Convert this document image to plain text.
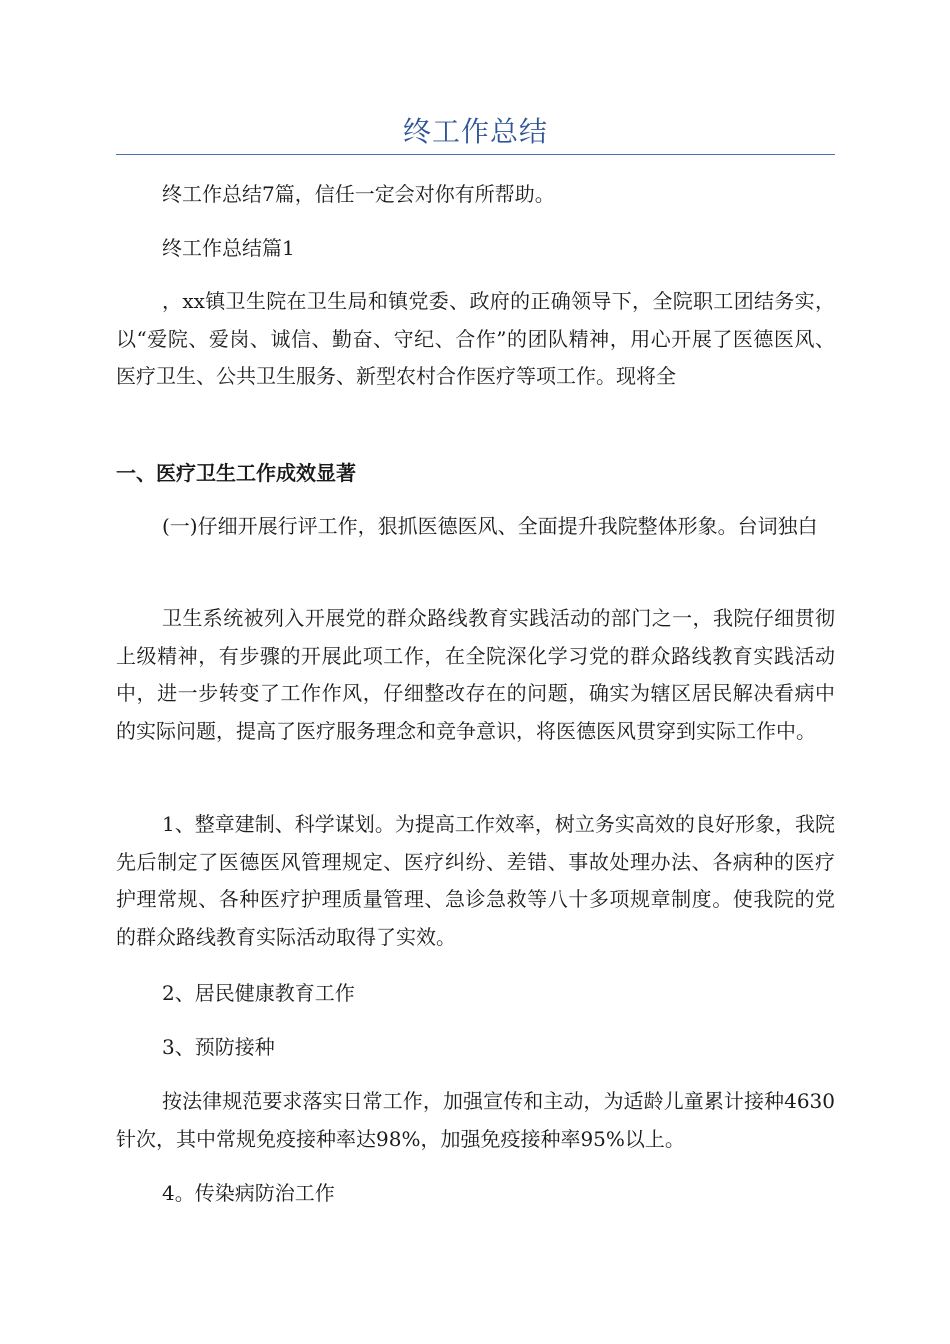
终工作总结

终工作总结7篇，信任一定会对你有所帮助。

终工作总结篇1

，xx镇卫生院在卫生局和镇党委、政府的正确领导下，全院职工团结务实，以“爱院、爱岗、诚信、勤奋、守纪、合作”的团队精神，用心开展了医德医风、医疗卫生、公共卫生服务、新型农村合作医疗等项工作。现将全

一、医疗卫生工作成效显著

(一)仔细开展行评工作，狠抓医德医风、全面提升我院整体形象。台词独白

卫生系统被列入开展党的群众路线教育实践活动的部门之一，我院仔细贯彻上级精神，有步骤的开展此项工作，在全院深化学习党的群众路线教育实践活动中，进一步转变了工作作风，仔细整改存在的问题，确实为辖区居民解决看病中的实际问题，提高了医疗服务理念和竞争意识，将医德医风贯穿到实际工作中。

1、整章建制、科学谋划。为提高工作效率，树立务实高效的良好形象，我院先后制定了医德医风管理规定、医疗纠纷、差错、事故处理办法、各病种的医疗护理常规、各种医疗护理质量管理、急诊急救等八十多项规章制度。使我院的党的群众路线教育实际活动取得了实效。

2、居民健康教育工作

3、预防接种

按法律规范要求落实日常工作，加强宣传和主动，为适龄儿童累计接种4630针次，其中常规免疫接种率达98%，加强免疫接种率95%以上。

4。传染病防治工作
